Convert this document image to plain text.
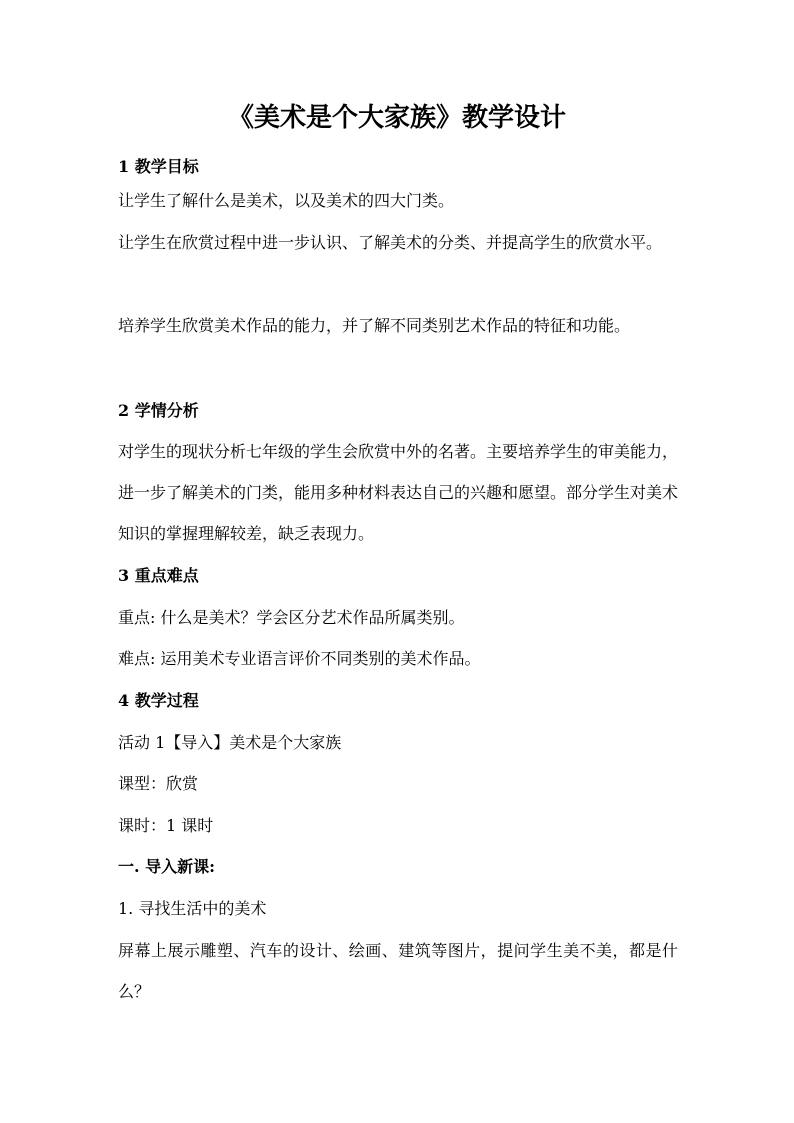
《美术是个大家族》教学设计
1 教学目标

让学生了解什么是美术，以及美术的四大门类。

让学生在欣赏过程中进一步认识、了解美术的分类、并提高学生的欣赏水平。

培养学生欣赏美术作品的能力，并了解不同类别艺术作品的特征和功能。

2 学情分析

对学生的现状分析七年级的学生会欣赏中外的名著。主要培养学生的审美能力，进一步了解美术的门类，能用多种材料表达自己的兴趣和愿望。部分学生对美术知识的掌握理解较差，缺乏表现力。

3 重点难点

重点: 什么是美术？学会区分艺术作品所属类别。

难点: 运用美术专业语言评价不同类别的美术作品。

4 教学过程

活动 1【导入】美术是个大家族

课型：欣赏

课时：1 课时

一. 导入新课:

1. 寻找生活中的美术

屏幕上展示雕塑、汽车的设计、绘画、建筑等图片，提问学生美不美，都是什么？
